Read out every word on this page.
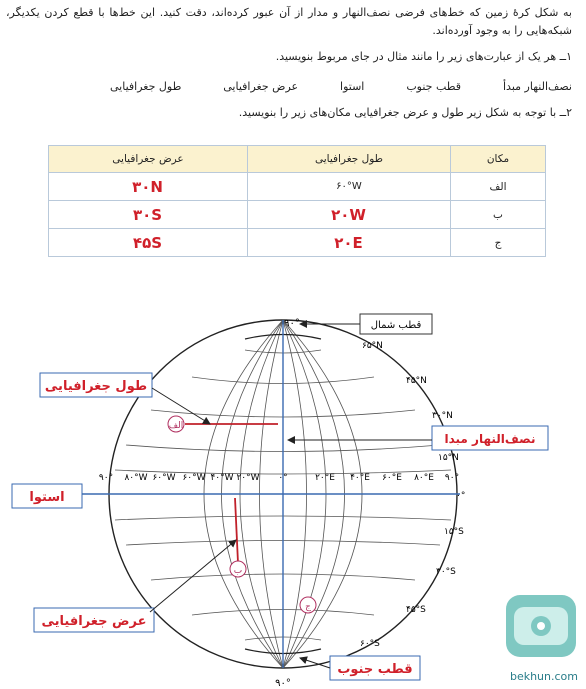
به شکل کرهٔ زمین که خط‌های فرضی نصف‌النهار و مدار از آن عبور کرده‌اند، دقت کنید. این خط‌ها با قطع کردن یکدیگر، شبکه‌هایی را به وجود آورده‌اند.
۱ــ هر یک از عبارت‌های زیر را مانند مثال در جای مربوط بنویسید.
نصف‌النهار مبدأ
قطب جنوب
استوا
عرض جغرافیایی
طول جغرافیایی
۲ــ با توجه به شکل زیر طول و عرض جغرافیایی مکان‌های زیر را بنویسید.
مکان	طول جغرافیایی	عرض جغرافیایی
الف	۶۰°W	۳۰N
ب	۲۰W	۳۰S
ج	۲۰E	۴۵S
الف
ب
ج
۹۰°
۹۰°
۶۵°N
۴۵°N
۳۰°N
۱۵°N
۰°
۱۵°S
۳۰°S
۴۵°S
۶۰°S
۹۰° ۸۰°W ۶۰°W ۶۰°W ۴۰°W ۲۰°W ۰°	۲۰°E ۴۰°E ۶۰°E ۸۰°E ۹۰°
قطب شمال
طول جغرافیایی
نصف‌النهار مبدا
استوا
عرض جغرافیایی
قطب جنوب	bekhun.com
